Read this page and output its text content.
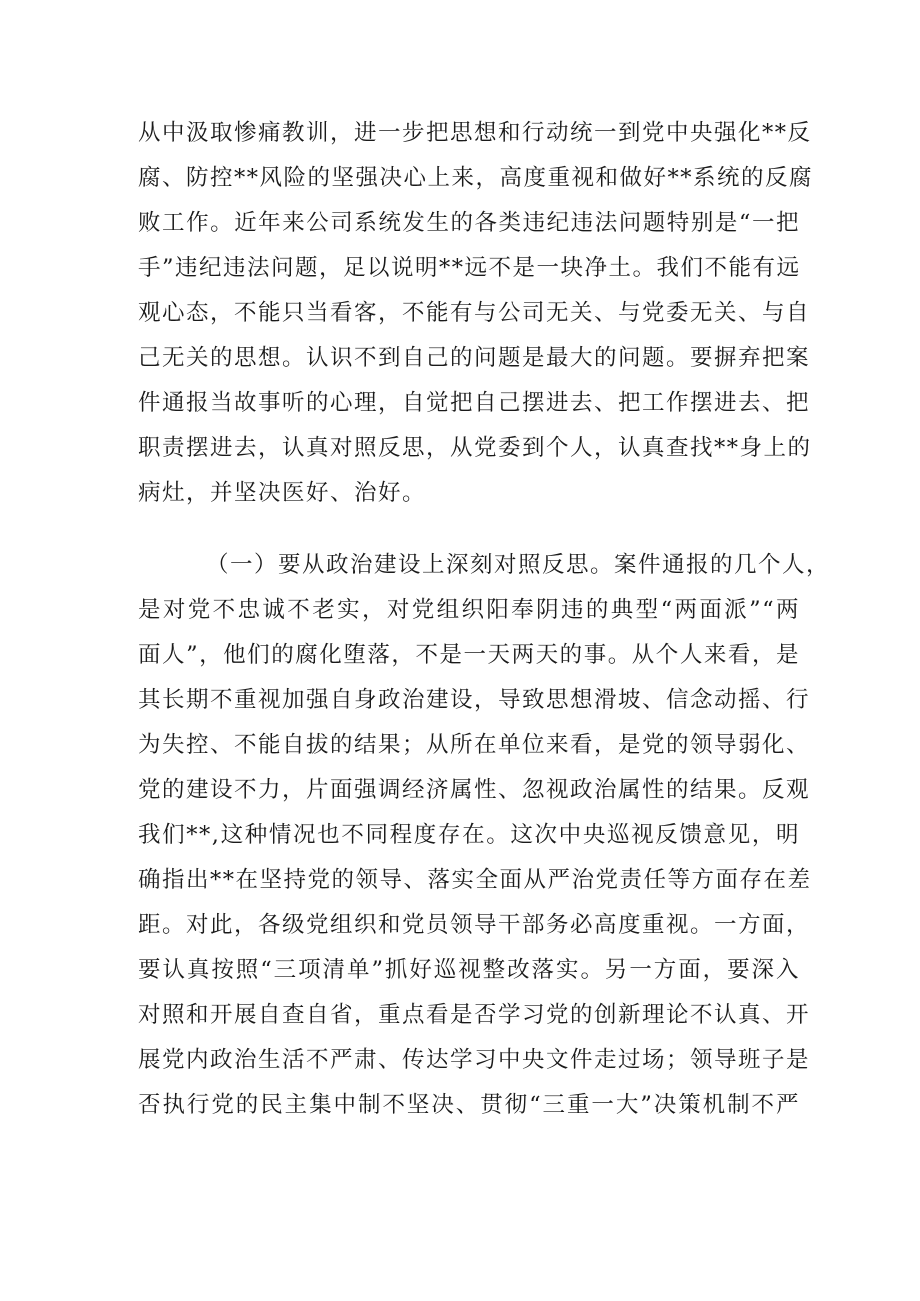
从中汲取惨痛教训，进一步把思想和行动统一到党中央强化**反
腐、防控**风险的坚强决心上来，高度重视和做好**系统的反腐
败工作。近年来公司系统发生的各类违纪违法问题特别是“一把
手”违纪违法问题，足以说明**远不是一块净土。我们不能有远
观心态，不能只当看客，不能有与公司无关、与党委无关、与自
己无关的思想。认识不到自己的问题是最大的问题。要摒弃把案
件通报当故事听的心理，自觉把自己摆进去、把工作摆进去、把
职责摆进去，认真对照反思，从党委到个人，认真查找**身上的
病灶，并坚决医好、治好。
（一）要从政治建设上深刻对照反思。案件通报的几个人，
是对党不忠诚不老实，对党组织阳奉阴违的典型“两面派”“两
面人”，他们的腐化堕落，不是一天两天的事。从个人来看，是
其长期不重视加强自身政治建设，导致思想滑坡、信念动摇、行
为失控、不能自拔的结果；从所在单位来看，是党的领导弱化、
党的建设不力，片面强调经济属性、忽视政治属性的结果。反观
我们**,这种情况也不同程度存在。这次中央巡视反馈意见，明
确指出**在坚持党的领导、落实全面从严治党责任等方面存在差
距。对此，各级党组织和党员领导干部务必高度重视。一方面，
要认真按照“三项清单”抓好巡视整改落实。另一方面，要深入
对照和开展自查自省，重点看是否学习党的创新理论不认真、开
展党内政治生活不严肃、传达学习中央文件走过场；领导班子是
否执行党的民主集中制不坚决、贯彻“三重一大”决策机制不严
